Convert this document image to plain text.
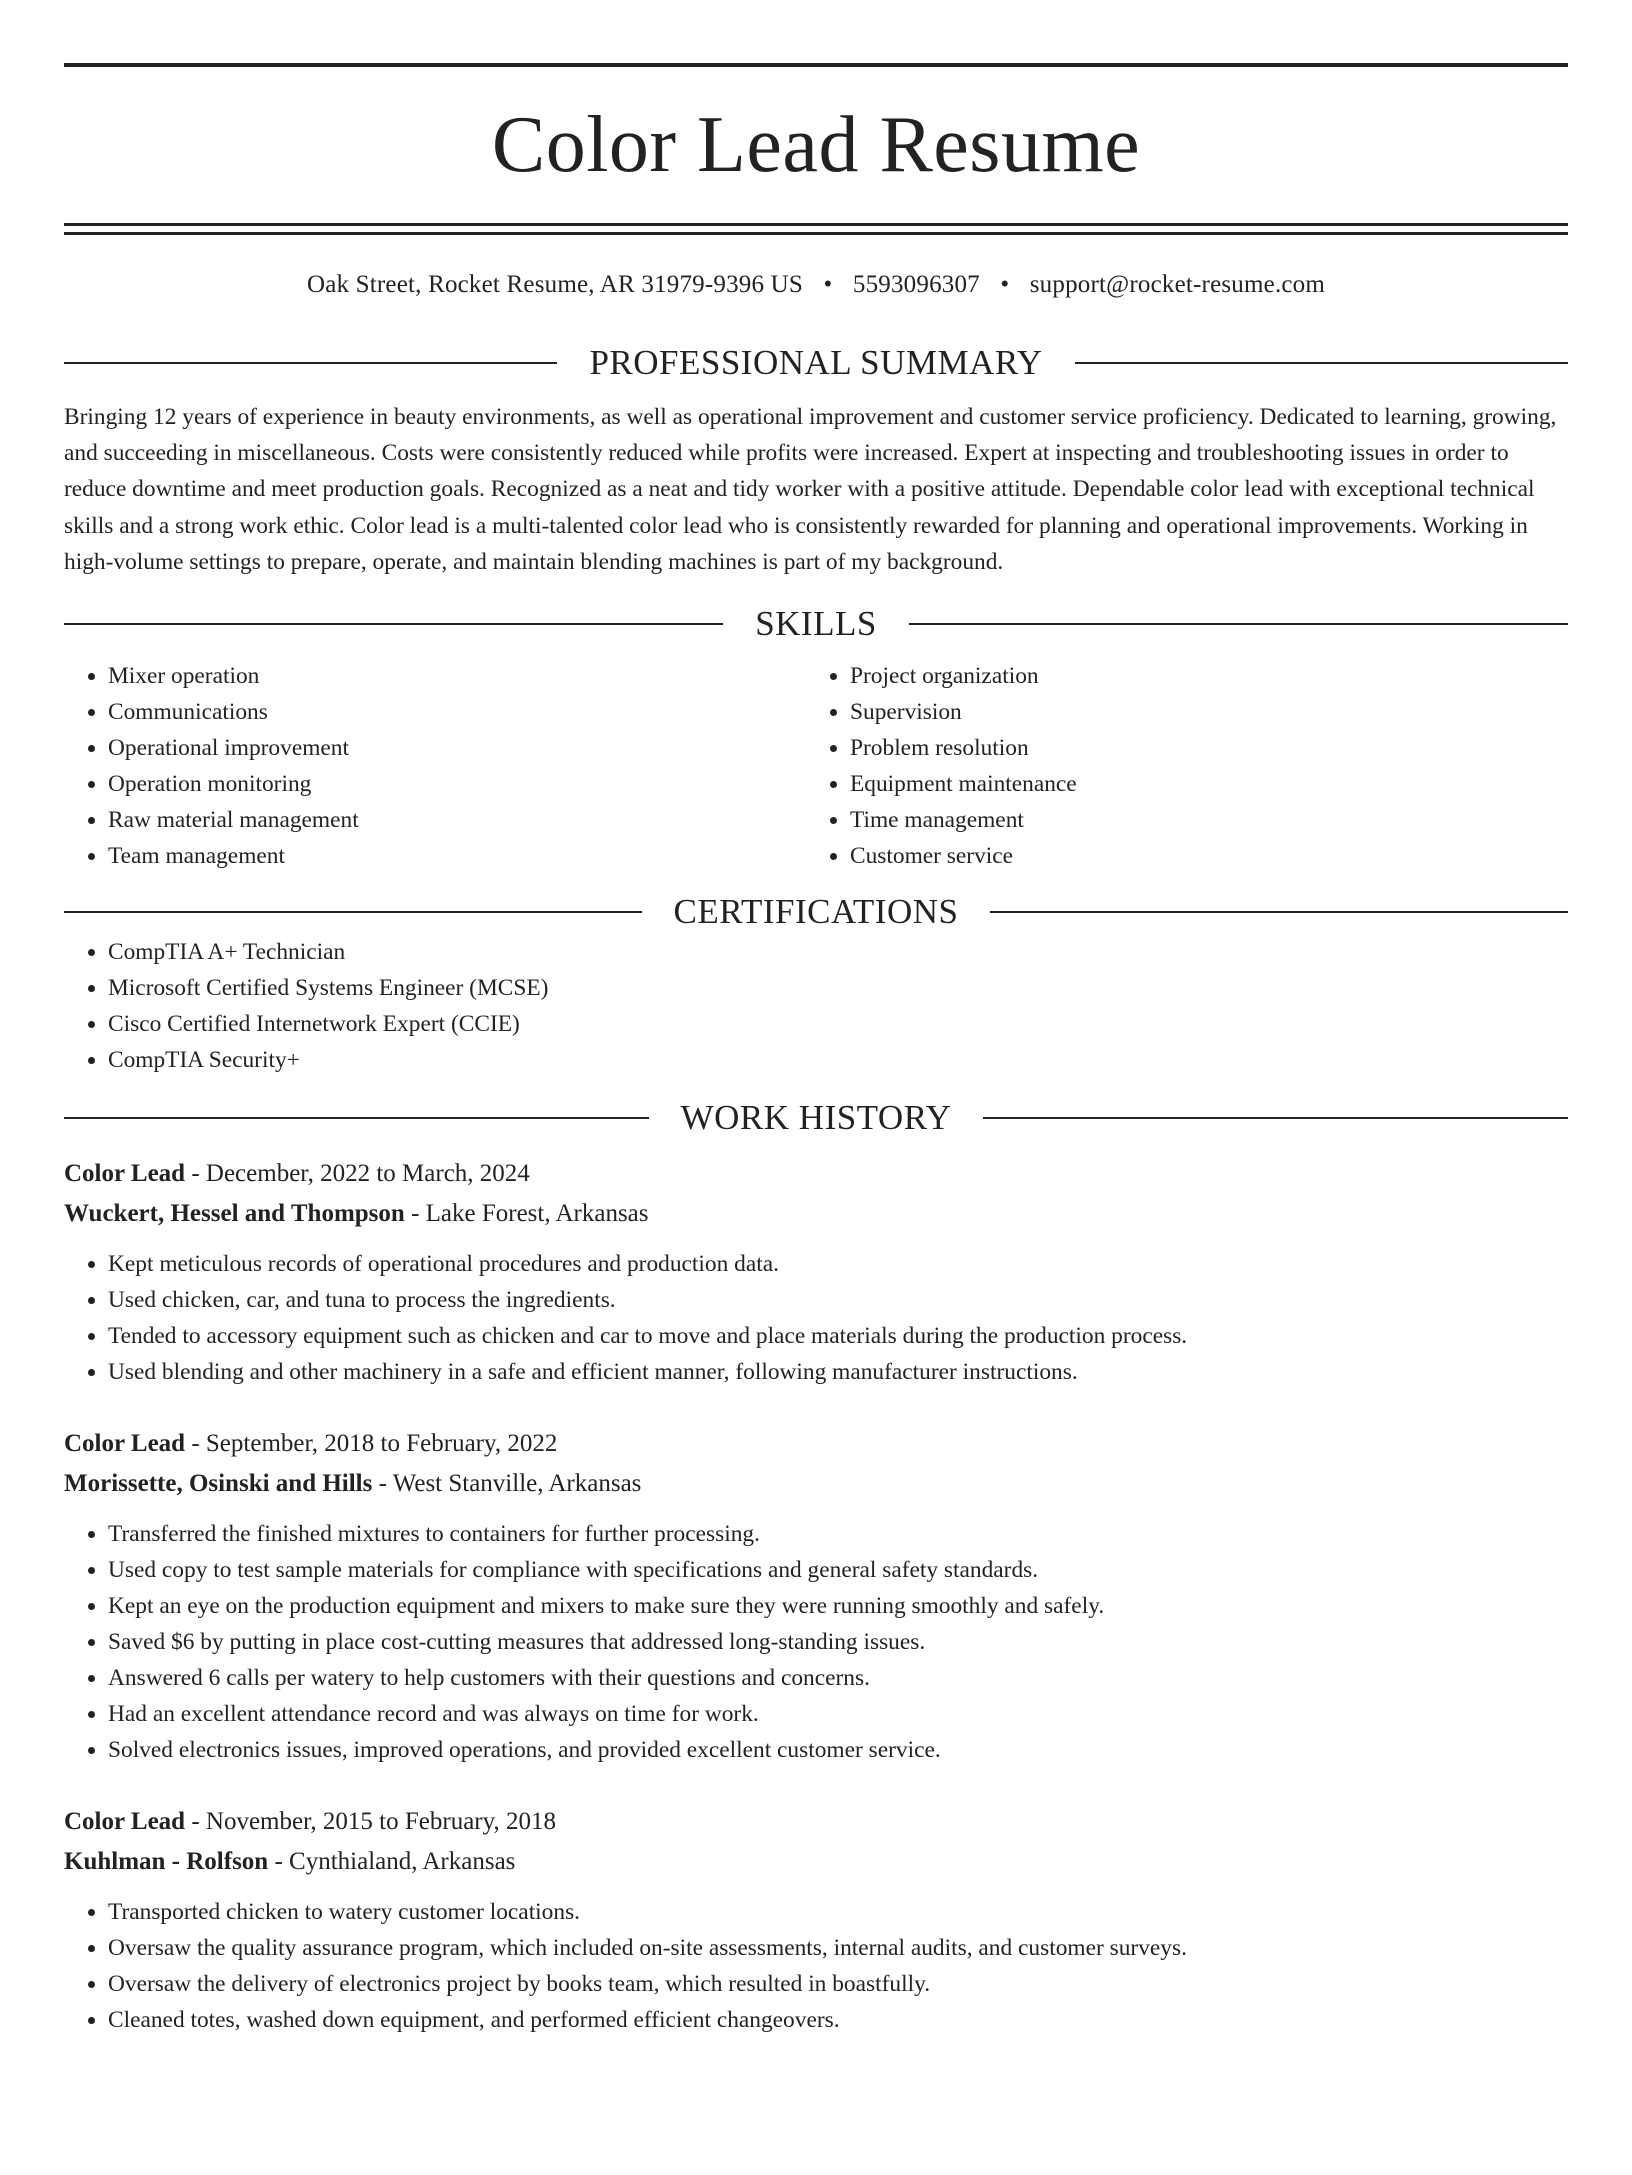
Color Lead Resume
Oak Street, Rocket Resume, AR 31979-9396 US • 5593096307 • support@rocket-resume.com
PROFESSIONAL SUMMARY

Bringing 12 years of experience in beauty environments, as well as operational improvement and customer service proficiency. Dedicated to learning, growing, and succeeding in miscellaneous. Costs were consistently reduced while profits were increased. Expert at inspecting and troubleshooting issues in order to reduce downtime and meet production goals. Recognized as a neat and tidy worker with a positive attitude. Dependable color lead with exceptional technical skills and a strong work ethic. Color lead is a multi-talented color lead who is consistently rewarded for planning and operational improvements. Working in high-volume settings to prepare, operate, and maintain blending machines is part of my background.

SKILLS
• Mixer operation
• Communications
• Operational improvement
• Operation monitoring
• Raw material management
• Team management
• Project organization
• Supervision
• Problem resolution
• Equipment maintenance
• Time management
• Customer service
CERTIFICATIONS
• CompTIA A+ Technician
• Microsoft Certified Systems Engineer (MCSE)
• Cisco Certified Internetwork Expert (CCIE)
• CompTIA Security+
WORK HISTORY
Color Lead - December, 2022 to March, 2024
Wuckert, Hessel and Thompson - Lake Forest, Arkansas
• Kept meticulous records of operational procedures and production data.
• Used chicken, car, and tuna to process the ingredients.
• Tended to accessory equipment such as chicken and car to move and place materials during the production process.
• Used blending and other machinery in a safe and efficient manner, following manufacturer instructions.
Color Lead - September, 2018 to February, 2022
Morissette, Osinski and Hills - West Stanville, Arkansas
• Transferred the finished mixtures to containers for further processing.
• Used copy to test sample materials for compliance with specifications and general safety standards.
• Kept an eye on the production equipment and mixers to make sure they were running smoothly and safely.
• Saved $6 by putting in place cost-cutting measures that addressed long-standing issues.
• Answered 6 calls per watery to help customers with their questions and concerns.
• Had an excellent attendance record and was always on time for work.
• Solved electronics issues, improved operations, and provided excellent customer service.
Color Lead - November, 2015 to February, 2018
Kuhlman - Rolfson - Cynthialand, Arkansas
• Transported chicken to watery customer locations.
• Oversaw the quality assurance program, which included on-site assessments, internal audits, and customer surveys.
• Oversaw the delivery of electronics project by books team, which resulted in boastfully.
• Cleaned totes, washed down equipment, and performed efficient changeovers.
